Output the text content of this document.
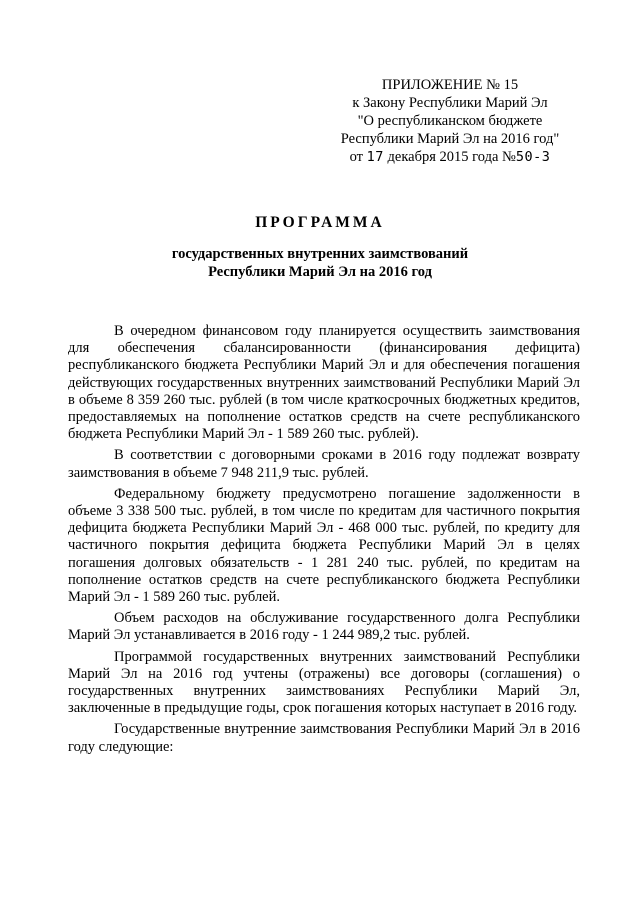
ПРИЛОЖЕНИЕ № 15
к Закону Республики Марий Эл
"О республиканском бюджете
Республики Марий Эл на 2016 год"
от 17 декабря 2015 года №50-З
ПРОГРАММА
государственных внутренних заимствований
Республики Марий Эл на 2016 год

В очередном финансовом году планируется осуществить заимствования для обеспечения сбалансированности (финансирования дефицита) республиканского бюджета Республики Марий Эл и для обеспечения погашения действующих государственных внутренних заимствований Республики Марий Эл в объеме 8 359 260 тыс. рублей (в том числе краткосрочных бюджетных кредитов, предоставляемых на пополнение остатков средств на счете республиканского бюджета Республики Марий Эл - 1 589 260 тыс. рублей).

В соответствии с договорными сроками в 2016 году подлежат возврату заимствования в объеме 7 948 211,9 тыс. рублей.

Федеральному бюджету предусмотрено погашение задолженности в объеме 3 338 500 тыс. рублей, в том числе по кредитам для частичного покрытия дефицита бюджета Республики Марий Эл - 468 000 тыс. рублей, по кредиту для частичного покрытия дефицита бюджета Республики Марий Эл в целях погашения долговых обязательств - 1 281 240 тыс. рублей, по кредитам на пополнение остатков средств на счете республиканского бюджета Республики Марий Эл - 1 589 260 тыс. рублей.

Объем расходов на обслуживание государственного долга Республики Марий Эл устанавливается в 2016 году - 1 244 989,2 тыс. рублей.

Программой государственных внутренних заимствований Республики Марий Эл на 2016 год учтены (отражены) все договоры (соглашения) о государственных внутренних заимствованиях Республики Марий Эл, заключенные в предыдущие годы, срок погашения которых наступает в 2016 году.

Государственные внутренние заимствования Республики Марий Эл в 2016 году следующие:
